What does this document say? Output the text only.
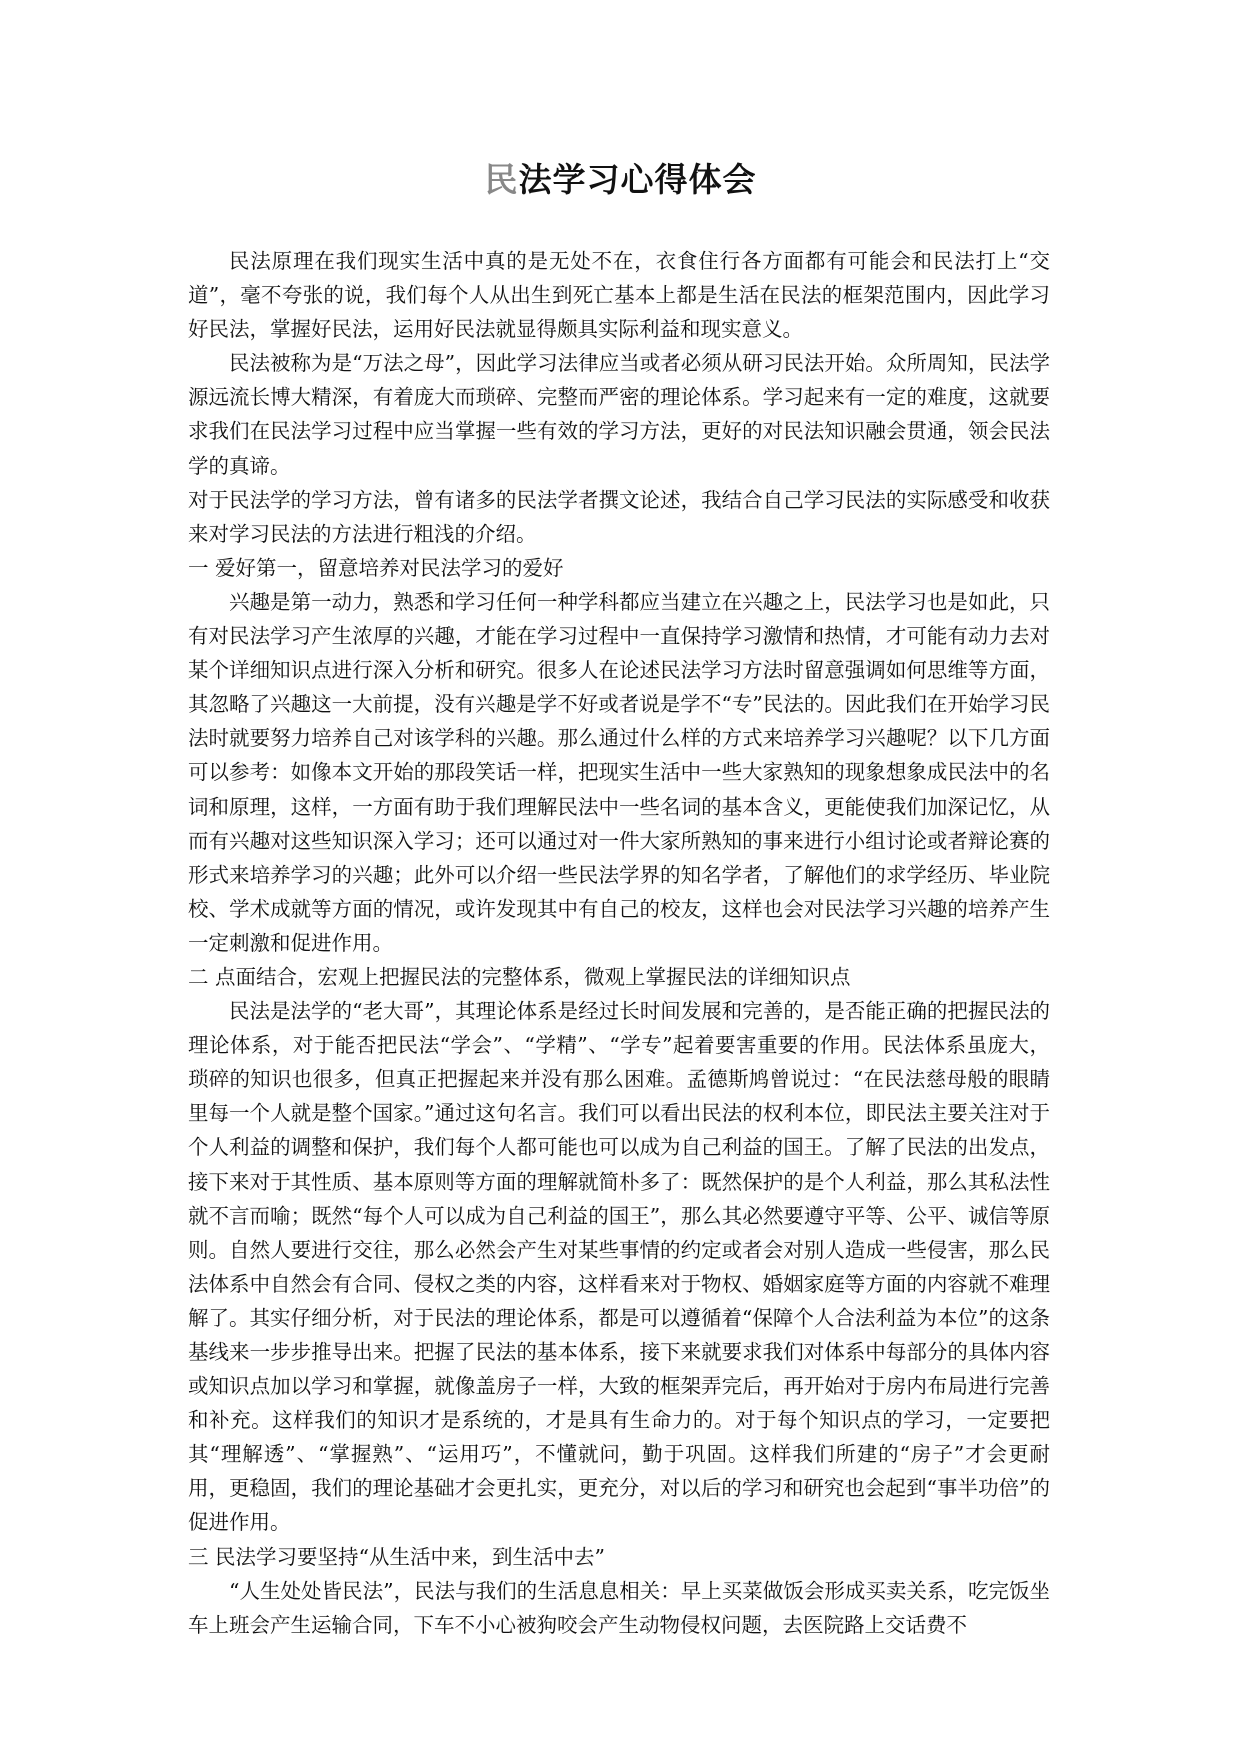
民法学习心得体会

民法原理在我们现实生活中真的是无处不在，衣食住行各方面都有可能会和民法打上“交道”，毫不夸张的说，我们每个人从出生到死亡基本上都是生活在民法的框架范围内，因此学习好民法，掌握好民法，运用好民法就显得颇具实际利益和现实意义。

民法被称为是“万法之母”，因此学习法律应当或者必须从研习民法开始。众所周知，民法学源远流长博大精深，有着庞大而琐碎、完整而严密的理论体系。学习起来有一定的难度，这就要求我们在民法学习过程中应当掌握一些有效的学习方法，更好的对民法知识融会贯通，领会民法学的真谛。

对于民法学的学习方法，曾有诸多的民法学者撰文论述，我结合自己学习民法的实际感受和收获来对学习民法的方法进行粗浅的介绍。

一 爱好第一，留意培养对民法学习的爱好

兴趣是第一动力，熟悉和学习任何一种学科都应当建立在兴趣之上，民法学习也是如此，只有对民法学习产生浓厚的兴趣，才能在学习过程中一直保持学习激情和热情，才可能有动力去对某个详细知识点进行深入分析和研究。很多人在论述民法学习方法时留意强调如何思维等方面，其忽略了兴趣这一大前提，没有兴趣是学不好或者说是学不“专”民法的。因此我们在开始学习民法时就要努力培养自己对该学科的兴趣。那么通过什么样的方式来培养学习兴趣呢？以下几方面可以参考：如像本文开始的那段笑话一样，把现实生活中一些大家熟知的现象想象成民法中的名词和原理，这样，一方面有助于我们理解民法中一些名词的基本含义，更能使我们加深记忆，从而有兴趣对这些知识深入学习；还可以通过对一件大家所熟知的事来进行小组讨论或者辩论赛的形式来培养学习的兴趣；此外可以介绍一些民法学界的知名学者，了解他们的求学经历、毕业院校、学术成就等方面的情况，或许发现其中有自己的校友，这样也会对民法学习兴趣的培养产生一定刺激和促进作用。

二 点面结合，宏观上把握民法的完整体系，微观上掌握民法的详细知识点

民法是法学的“老大哥”，其理论体系是经过长时间发展和完善的，是否能正确的把握民法的理论体系，对于能否把民法“学会”、“学精”、“学专”起着要害重要的作用。民法体系虽庞大，琐碎的知识也很多，但真正把握起来并没有那么困难。孟德斯鸠曾说过：“在民法慈母般的眼睛里每一个人就是整个国家。”通过这句名言。我们可以看出民法的权利本位，即民法主要关注对于个人利益的调整和保护，我们每个人都可能也可以成为自己利益的国王。了解了民法的出发点，接下来对于其性质、基本原则等方面的理解就简朴多了：既然保护的是个人利益，那么其私法性就不言而喻；既然“每个人可以成为自己利益的国王”，那么其必然要遵守平等、公平、诚信等原则。自然人要进行交往，那么必然会产生对某些事情的约定或者会对别人造成一些侵害，那么民法体系中自然会有合同、侵权之类的内容，这样看来对于物权、婚姻家庭等方面的内容就不难理解了。其实仔细分析，对于民法的理论体系，都是可以遵循着“保障个人合法利益为本位”的这条基线来一步步推导出来。把握了民法的基本体系，接下来就要求我们对体系中每部分的具体内容或知识点加以学习和掌握，就像盖房子一样，大致的框架弄完后，再开始对于房内布局进行完善和补充。这样我们的知识才是系统的，才是具有生命力的。对于每个知识点的学习，一定要把其“理解透”、“掌握熟”、“运用巧”，不懂就问，勤于巩固。这样我们所建的“房子”才会更耐用，更稳固，我们的理论基础才会更扎实，更充分，对以后的学习和研究也会起到“事半功倍”的促进作用。

三 民法学习要坚持“从生活中来，到生活中去”

“人生处处皆民法”，民法与我们的生活息息相关：早上买菜做饭会形成买卖关系，吃完饭坐车上班会产生运输合同，下车不小心被狗咬会产生动物侵权问题，去医院路上交话费不
